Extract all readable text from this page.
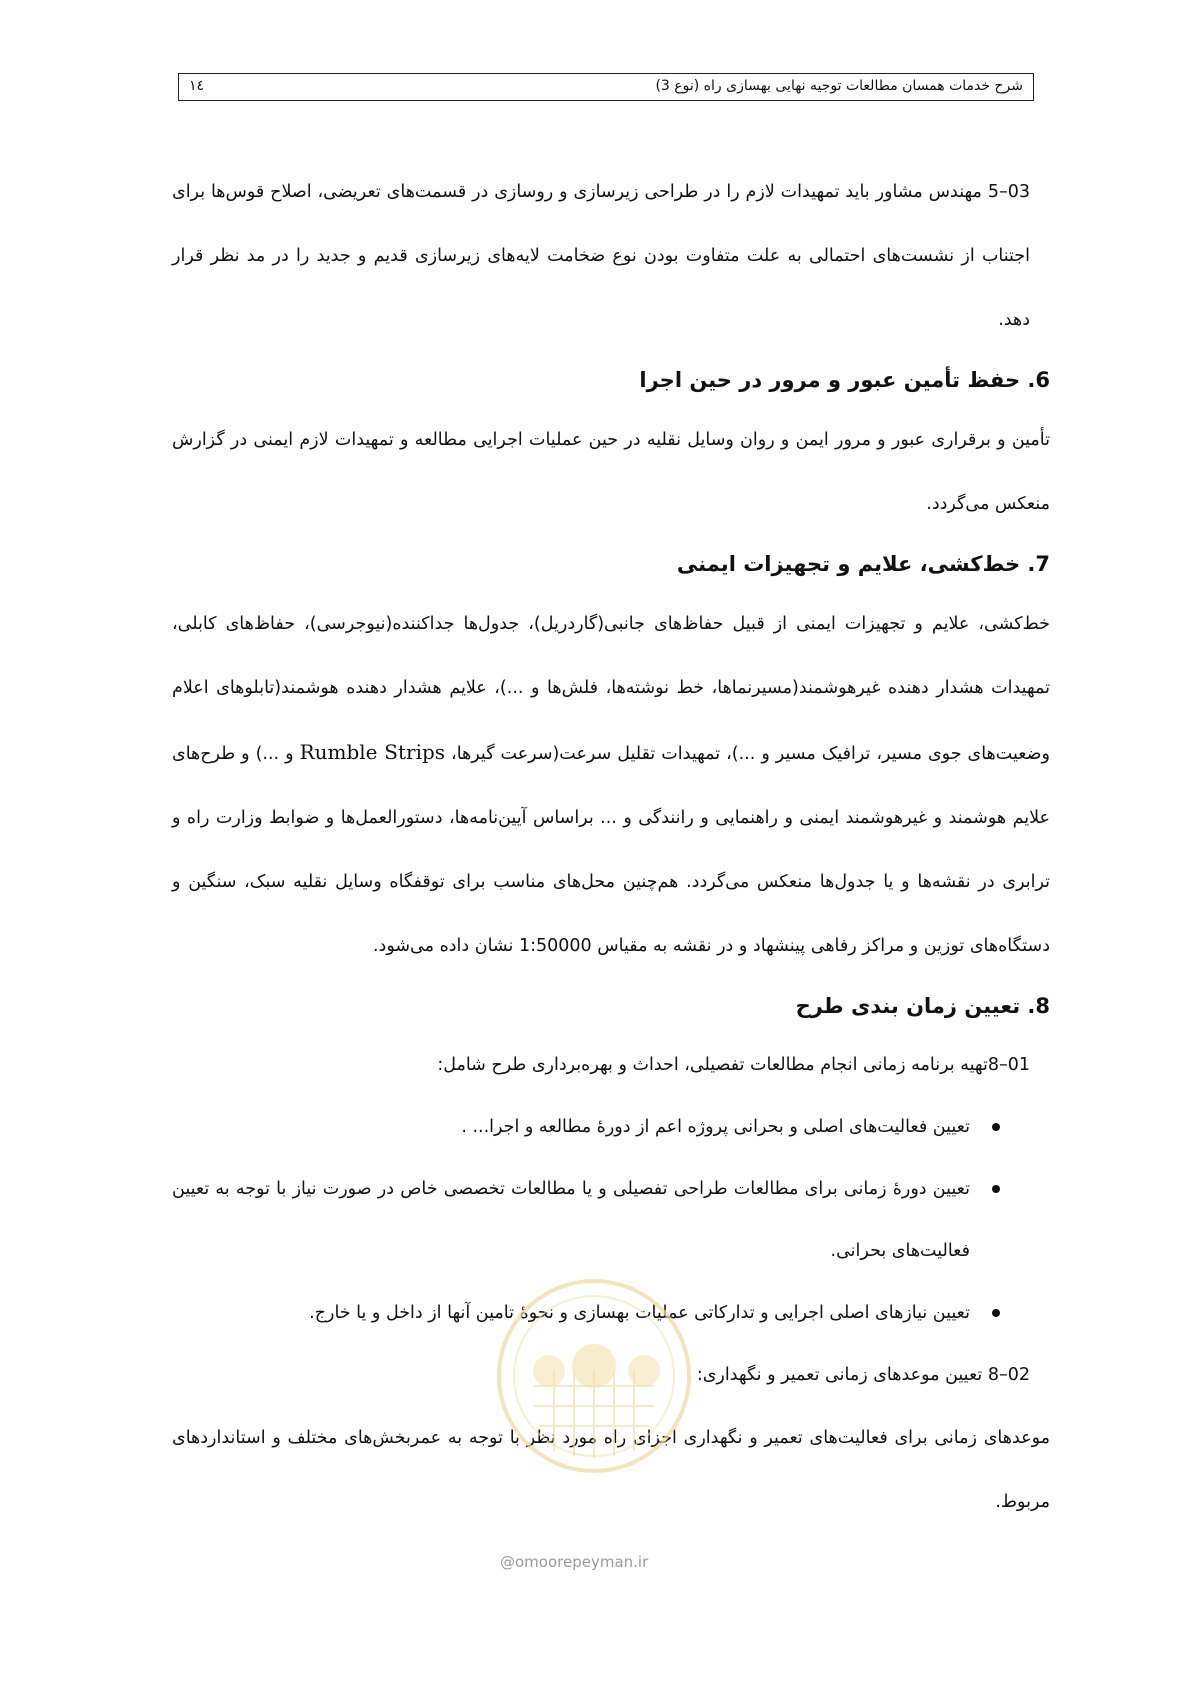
١٤	شرح خدمات همسان مطالعات توجیه نهایی بهسازی راه (نوع 3)

03–5 مهندس مشاور باید تمهیدات لازم را در طراحی زیرسازی و روسازی در قسمت‌های تعریضی، اصلاح قوس‌ها برای اجتناب از نشست‌های احتمالی به علت متفاوت بودن نوع ضخامت لایه‌های زیرسازی قدیم و جدید را در مد نظر قرار دهد.

6. حفظ تأمین عبور و مرور در حین اجرا

تأمین و برقراری عبور و مرور ایمن و روان وسایل نقلیه در حین عملیات اجرایی مطالعه و تمهیدات لازم ایمنی در گزارش منعکس می‌گردد.

7. خط‌کشی، علایم و تجهیزات ایمنی

خط‌کشی، علایم و تجهیزات ایمنی از قبیل حفاظ‌های جانبی(گاردریل)، جدول‌ها جداکننده(نیوجرسی)، حفاظ‌های کابلی، تمهیدات هشدار دهنده غیرهوشمند(مسیرنماها، خط نوشته‌ها، فلش‌ها و ...)، علایم هشدار دهنده هوشمند(تابلوهای اعلام وضعیت‌های جوی مسیر، ترافیک مسیر و ...)، تمهیدات تقلیل سرعت(سرعت گیرها، Rumble Strips و ...) و طرح‌های علایم هوشمند و غیرهوشمند ایمنی و راهنمایی و رانندگی و ... براساس آیین‌نامه‌ها، دستورالعمل‌ها و ضوابط وزارت راه و ترابری در نقشه‌ها و یا جدول‌ها منعکس می‌گردد. هم‌چنین محل‌های مناسب برای توقفگاه وسایل نقلیه سبک، سنگین و دستگاه‌های توزین و مراکز رفاهی پینشهاد و در نقشه به مقیاس 1:50000 نشان داده می‌شود.

8. تعیین زمان بندی طرح

01–8تهیه برنامه زمانی انجام مطالعات تفصیلی، احداث و بهره‌برداری طرح شامل:

تعیین فعالیت‌های اصلی و بحرانی پروژه اعم از دورهٔ مطالعه و اجرا... .
تعیین دورهٔ زمانی برای مطالعات طراحی تفصیلی و یا مطالعات تخصصی خاص در صورت نیاز با توجه به تعیین فعالیت‌های بحرانی.
تعیین نیازهای اصلی اجرایی و تدارکاتی عملیات بهسازی و نحوهٔ تامین آنها از داخل و یا خارج.

02–8 تعیین موعدهای زمانی تعمیر و نگهداری:

موعدهای زمانی برای فعالیت‌های تعمیر و نگهداری اجزای راه مورد نظر با توجه به عمربخش‌های مختلف و استانداردهای مربوط.

@omoorepeyman.ir
